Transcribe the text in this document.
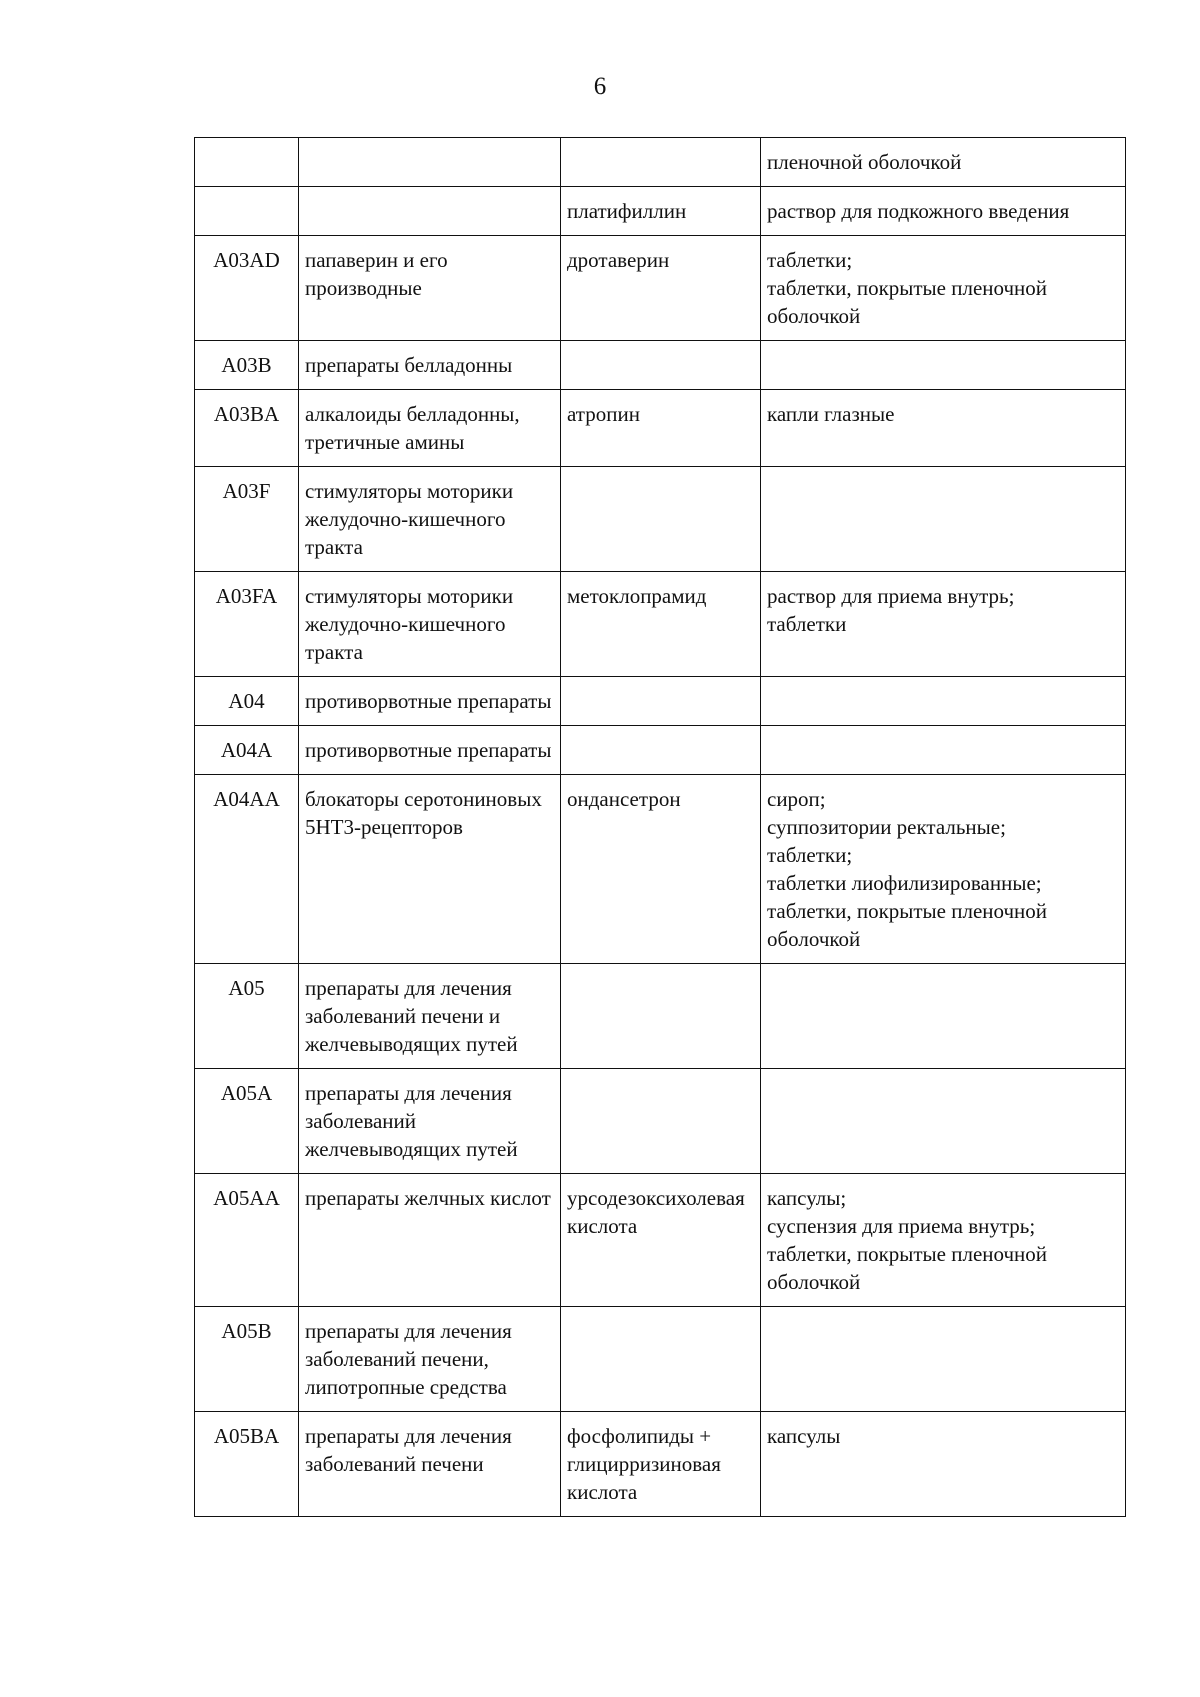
6

			пленочной оболочкой

		платифиллин	раствор для подкожного введения

A03AD	папаверин и его производные	дротаверин	таблетки;
таблетки, покрытые пленочной оболочкой

A03B	препараты белладонны		
A03BA	алкалоиды белладонны, третичные амины	атропин	капли глазные

A03F	стимуляторы моторики желудочно-кишечного тракта		
A03FA	стимуляторы моторики желудочно-кишечного тракта	метоклопрамид	раствор для приема внутрь;
таблетки

A04	противорвотные препараты		
A04A	противорвотные препараты		
A04AA	блокаторы серотониновых 5HT3-рецепторов	ондансетрон	сироп;
суппозитории ректальные;
таблетки;
таблетки лиофилизированные;
таблетки, покрытые пленочной оболочкой

A05	препараты для лечения заболеваний печени и желчевыводящих путей		
A05A	препараты для лечения заболеваний желчевыводящих путей		
A05AA	препараты желчных кислот	урсодезоксихолевая кислота	капсулы;
суспензия для приема внутрь;
таблетки, покрытые пленочной оболочкой

A05B	препараты для лечения заболеваний печени, липотропные средства		
A05BA	препараты для лечения заболеваний печени	фосфолипиды + глицирризиновая кислота	капсулы
